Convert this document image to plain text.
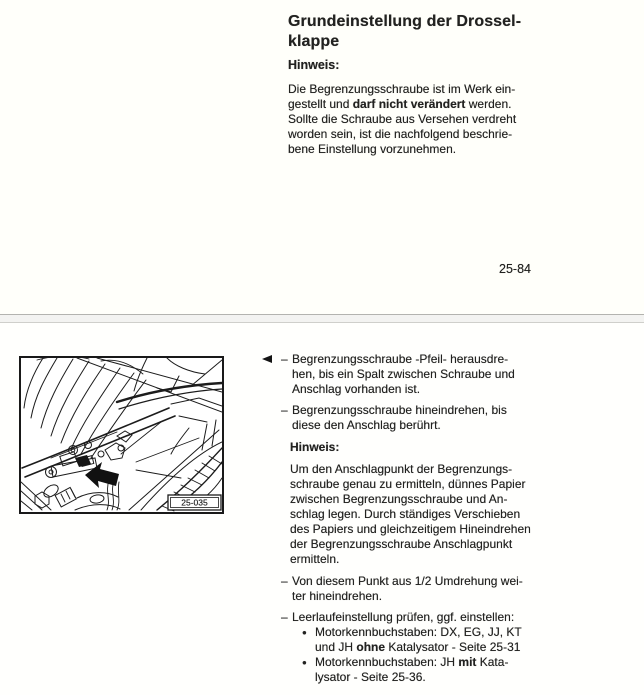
Grundeinstellung der Drossel-
klappe

Hinweis:

Die Begrenzungsschraube ist im Werk ein-
gestellt und darf nicht verändert werden.
Sollte die Schraube aus Versehen verdreht
worden sein, ist die nachfolgend beschrie-
bene Einstellung vorzunehmen.

25-84
25-035
– Begrenzungsschraube -Pfeil- herausdre-
hen, bis ein Spalt zwischen Schraube und
Anschlag vorhanden ist.
– Begrenzungsschraube hineindrehen, bis
diese den Anschlag berührt.

Hinweis:

Um den Anschlagpunkt der Begrenzungs-
schraube genau zu ermitteln, dünnes Papier
zwischen Begrenzungsschraube und An-
schlag legen. Durch ständiges Verschieben
des Papiers und gleichzeitigem Hineindrehen
der Begrenzungsschraube Anschlagpunkt
ermitteln.

– Von diesem Punkt aus 1/2 Umdrehung wei-
ter hineindrehen.
– Leerlaufeinstellung prüfen, ggf. einstellen:
● Motorkennbuchstaben: DX, EG, JJ, KT
und JH ohne Katalysator - Seite 25-31
● Motorkennbuchstaben: JH mit Kata-
lysator - Seite 25-36.
